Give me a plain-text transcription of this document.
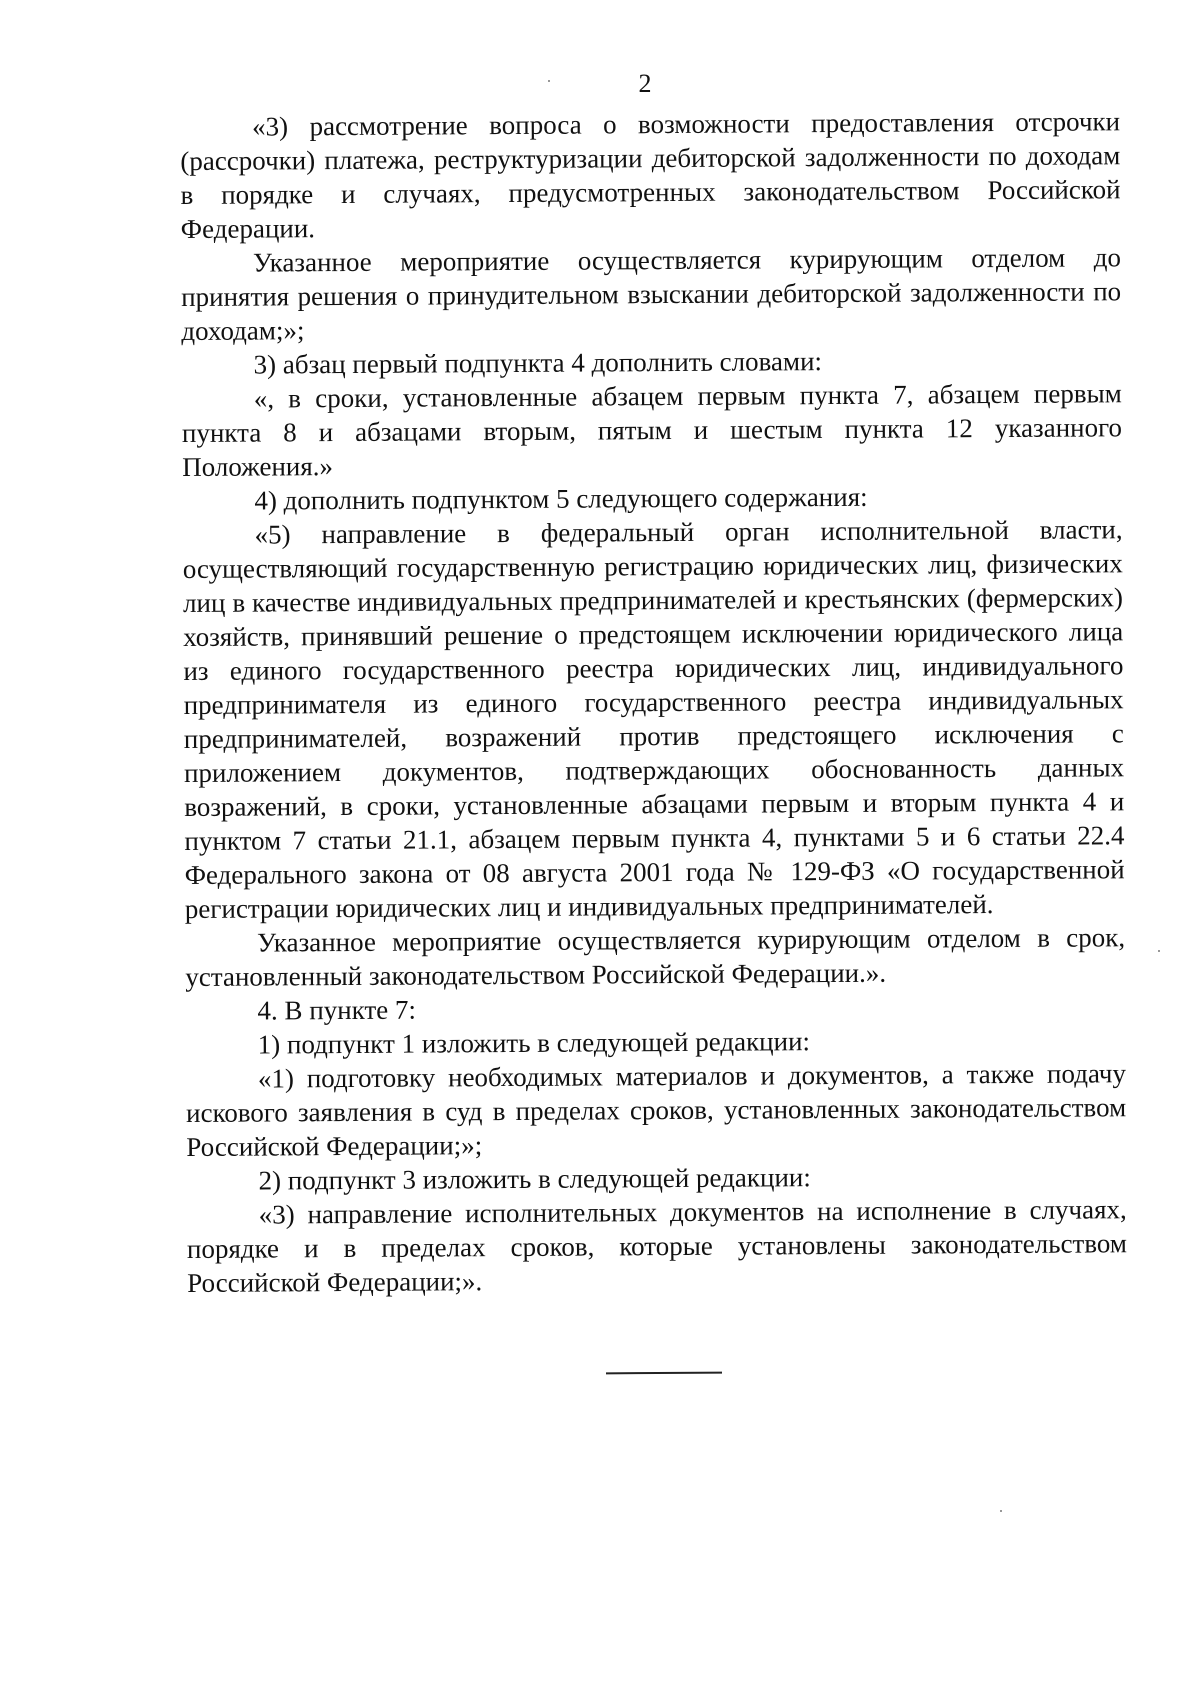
2

«3) рассмотрение вопроса о возможности предоставления отсрочки (рассрочки) платежа, реструктуризации дебиторской задолженности по доходам в порядке и случаях, предусмотренных законодательством Российской Федерации.

Указанное мероприятие осуществляется курирующим отделом до принятия решения о принудительном взыскании дебиторской задолженности по доходам;»;

3) абзац первый подпункта 4 дополнить словами:

«, в сроки, установленные абзацем первым пункта 7, абзацем первым пункта 8 и абзацами вторым, пятым и шестым пункта 12 указанного Положения.»

4) дополнить подпунктом 5 следующего содержания:

«5) направление в федеральный орган исполнительной власти, осуществляющий государственную регистрацию юридических лиц, физических лиц в качестве индивидуальных предпринимателей и крестьянских (фермерских) хозяйств, принявший решение о предстоящем исключении юридического лица из единого государственного реестра юридических лиц, индивидуального предпринимателя из единого государственного реестра индивидуальных предпринимателей, возражений против предстоящего исключения с приложением документов, подтверждающих обоснованность данных возражений, в сроки, установленные абзацами первым и вторым пункта 4 и пунктом 7 статьи 21.1, абзацем первым пункта 4, пунктами 5 и 6 статьи 22.4 Федерального закона от 08 августа 2001 года № 129-ФЗ «О государственной регистрации юридических лиц и индивидуальных предпринимателей.

Указанное мероприятие осуществляется курирующим отделом в срок, установленный законодательством Российской Федерации.».

4. В пункте 7:

1) подпункт 1 изложить в следующей редакции:

«1) подготовку необходимых материалов и документов, а также подачу искового заявления в суд в пределах сроков, установленных законодательством Российской Федерации;»;

2) подпункт 3 изложить в следующей редакции:

«3) направление исполнительных документов на исполнение в случаях, порядке и в пределах сроков, которые установлены законодательством Российской Федерации;».
